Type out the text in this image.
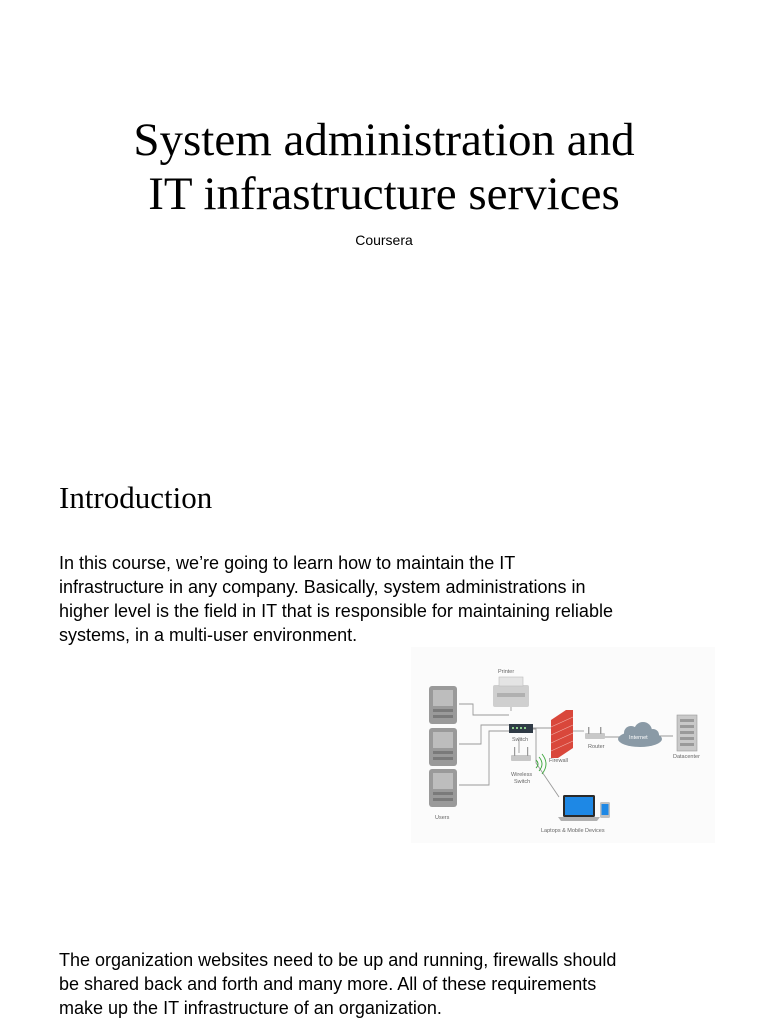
System administration and
IT infrastructure services
Coursera
Introduction

In this course, we’re going to learn how to maintain the IT
infrastructure in any company. Basically, system administrations in
higher level is the field in IT that is responsible for maintaining reliable
systems, in a multi-user environment.

Users
Printer
Switch
Firewall
Router
Internet
Datacenter
Wireless
Switch
Laptops & Mobile Devices

The organization websites need to be up and running, firewalls should
be shared back and forth and many more. All of these requirements
make up the IT infrastructure of an organization.
